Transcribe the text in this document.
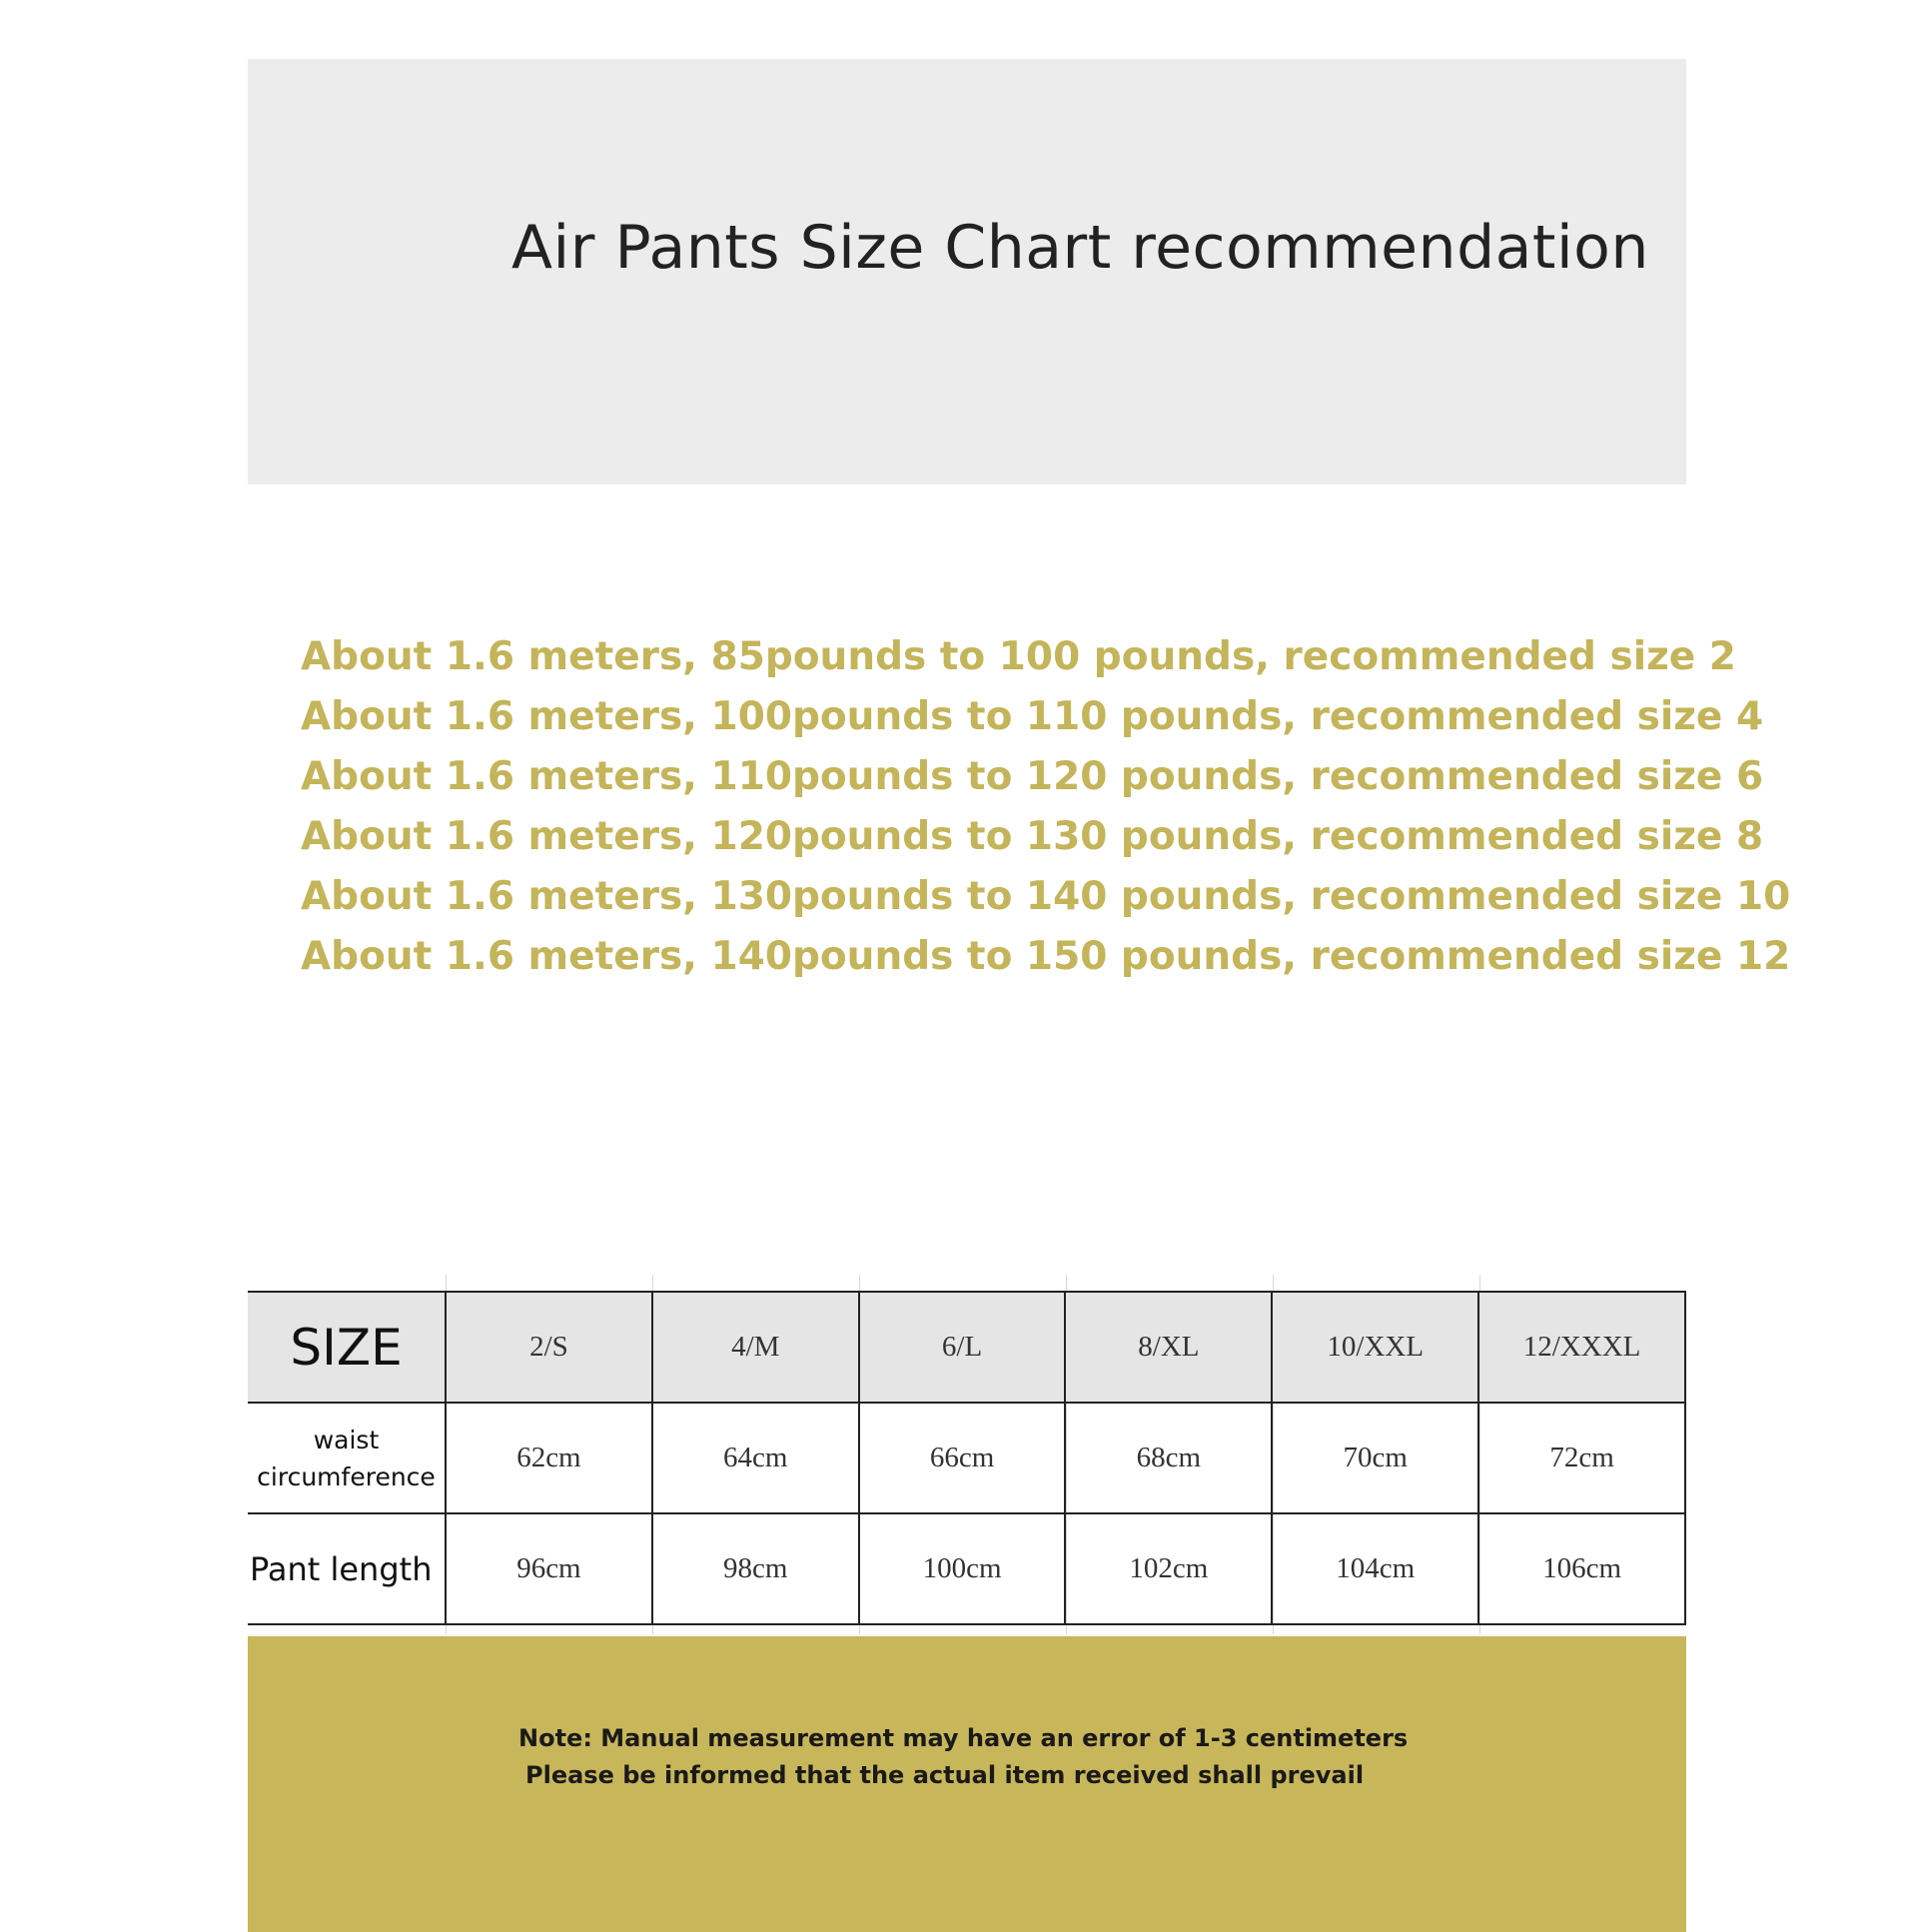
Air Pants Size Chart recommendation
About 1.6 meters, 85pounds to 100 pounds, recommended size 2
About 1.6 meters, 100pounds to 110 pounds, recommended size 4
About 1.6 meters, 110pounds to 120 pounds, recommended size 6
About 1.6 meters, 120pounds to 130 pounds, recommended size 8
About 1.6 meters, 130pounds to 140 pounds, recommended size 10
About 1.6 meters, 140pounds to 150 pounds, recommended size 12
SIZE	2/S	4/M	6/L	8/XL	10/XXL	12/XXXL

waist
circumference	62cm	64cm	66cm	68cm	70cm	72cm
Pant length	96cm	98cm	100cm	102cm	104cm	106cm
Note: Manual measurement may have an error of 1-3 centimeters
Please be informed that the actual item received shall prevail
